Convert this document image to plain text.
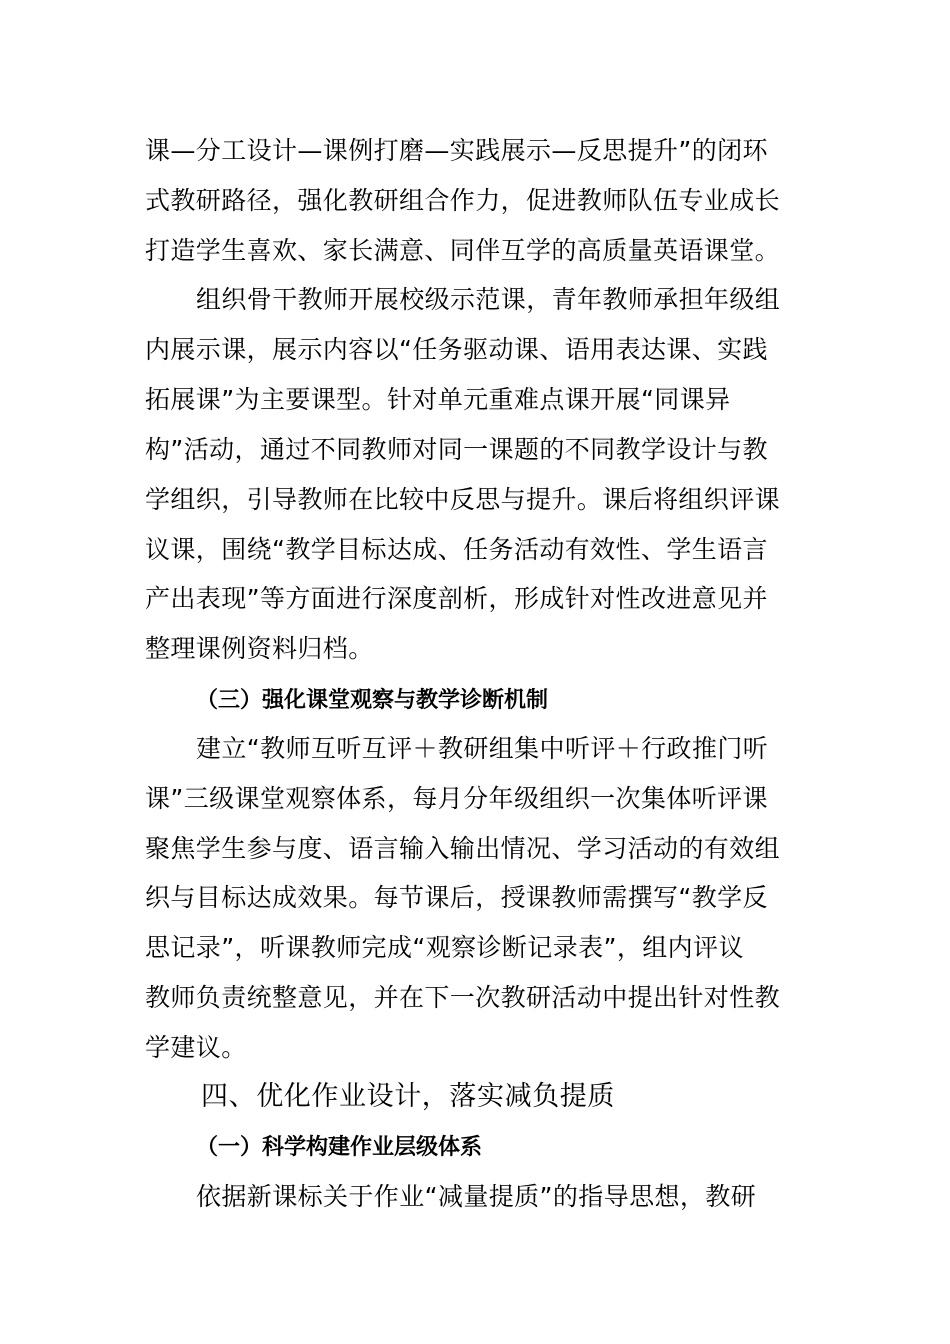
课—分工设计—课例打磨—实践展示—反思提升”的闭环
式教研路径，强化教研组合作力，促进教师队伍专业成长
打造学生喜欢、家长满意、同伴互学的高质量英语课堂。
组织骨干教师开展校级示范课，青年教师承担年级组
内展示课，展示内容以“任务驱动课、语用表达课、实践
拓展课”为主要课型。针对单元重难点课开展“同课异
构”活动，通过不同教师对同一课题的不同教学设计与教
学组织，引导教师在比较中反思与提升。课后将组织评课
议课，围绕“教学目标达成、任务活动有效性、学生语言
产出表现”等方面进行深度剖析，形成针对性改进意见并
整理课例资料归档。
（三）强化课堂观察与教学诊断机制
建立“教师互听互评＋教研组集中听评＋行政推门听
课”三级课堂观察体系，每月分年级组织一次集体听评课
聚焦学生参与度、语言输入输出情况、学习活动的有效组
织与目标达成效果。每节课后，授课教师需撰写“教学反
思记录”，听课教师完成“观察诊断记录表”，组内评议
教师负责统整意见，并在下一次教研活动中提出针对性教
学建议。
四、优化作业设计，落实减负提质
（一）科学构建作业层级体系
依据新课标关于作业“减量提质”的指导思想，教研
